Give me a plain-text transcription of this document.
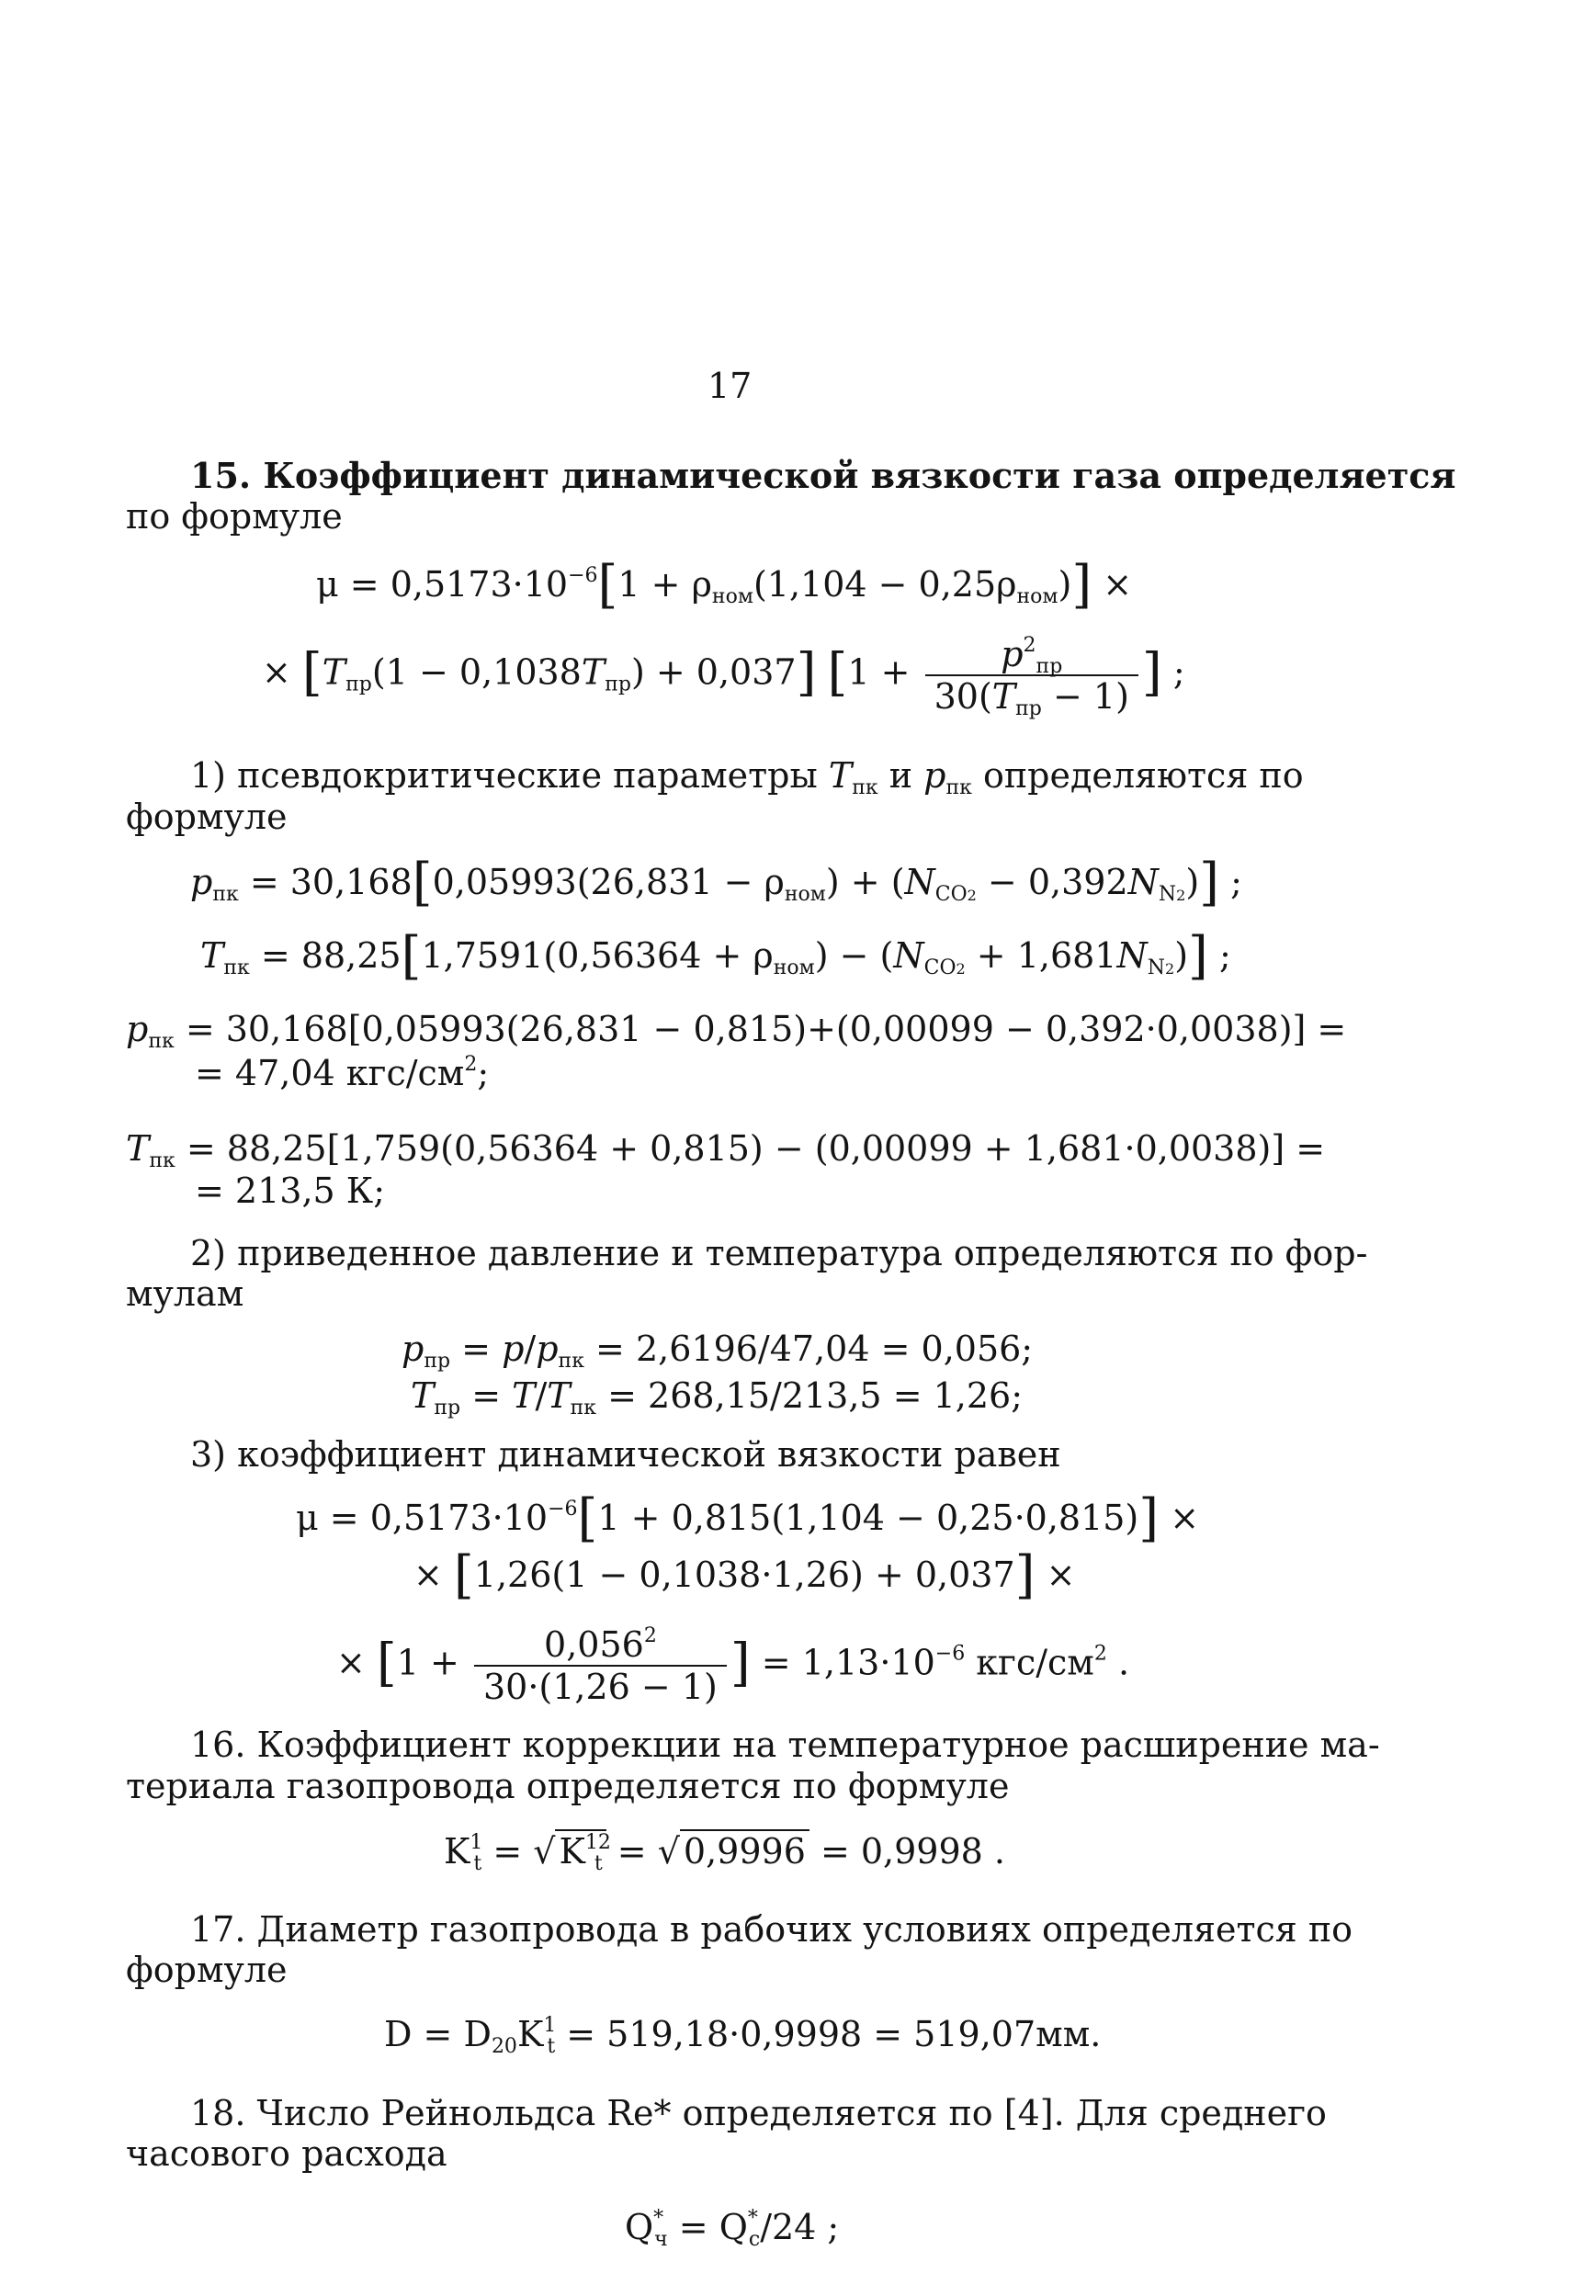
17
15. Коэффициент динамической вязкости газа определяется
по формуле
$\mu = 0,5173\cdot 10^{-6}[1 + \rho_{ном}(1,104 - 0,25\rho_{ном})]$ ×
× $[T_{пр}(1 - 0,1038T_{пр}) + 0,037] [1 + \frac{p^2_{пр}}{30(T_{пр} - 1)}$ ] ;
1) псевдокритические параметры $T_{пк}$ и $p_{пк}$ определяются по
формуле
$p_{пк} = 30,168[0,05993(26,831 - \rho_{ном}) + (N_{CO2} - 0,392N_{N2})]$ ;
$T_{пк} = 88,25[1,7591(0,56364 + \rho_{ном}) - (N_{CO2} + 1,681N_{N2})]$ ;
$p_{пк} = 30,168[0,05993(26,831 - 0,815)+(0,00099 - 0,392\cdot 0,0038)]$ =
= 47,04 кгс/$см^2$;
$T_{пк} = 88,25[1,759(0,56364 + 0,815) - (0,00099 + 1,681\cdot 0,0038)]$ =
= 213,5 К;
2) приведенное давление и температура определяются по фор-
мулам
$p_{пр} = p/p_{пк} = 2,6196/47,04 = 0,056$;
$T_{пр} = T/T_{пк} = 268,15/213,5 = 1,26$;
3) коэффициент динамической вязкости равен
$\mu = 0,5173\cdot 10^{-6}[1 + 0,815(1,104 - 0,25\cdot 0,815)]$ ×
× [1,26(1 − 0,1038·1,26) + 0,037] ×
× [$1 + \frac{0,056^2}{30\cdot(1,26 - 1)}$ ] = $1,13\cdot 10^{-6}$ кгс/$см^2$ .
16. Коэффициент коррекции на температурное расширение ма-
териала газопровода определяется по формуле
$K^1_t$ = √ $K^{12}_t$ = √ 0,9996 = 0,9998 .
17. Диаметр газопровода в рабочих условиях определяется по
формуле
$D = D_{20}K^1_t = 519,18\cdot 0,9998 = 519,07мм$.
18. Число Рейнольдса Re* определяется по [4]. Для среднего
часового расхода
$Q^*_ч = Q^*_c/24$ ;
